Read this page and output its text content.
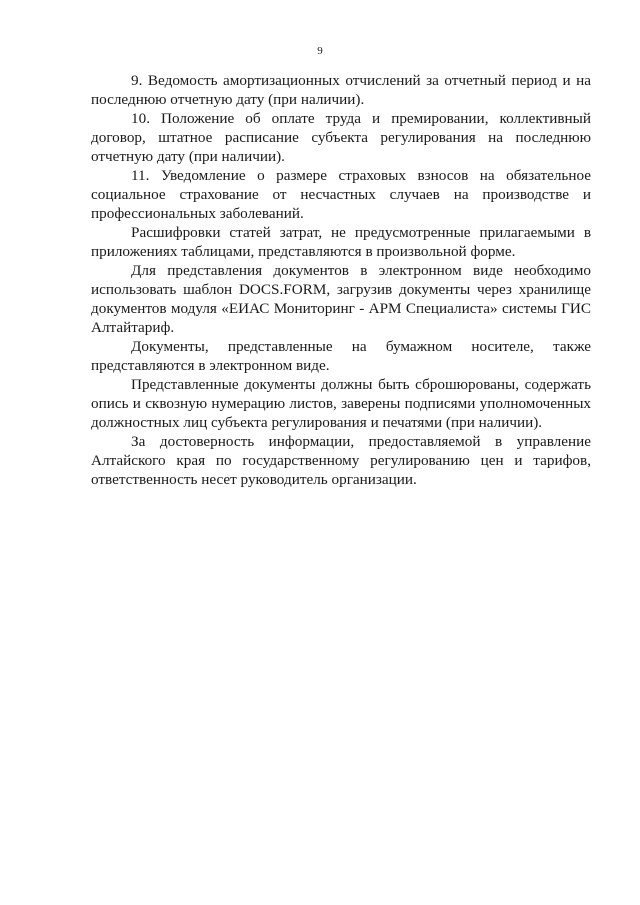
9

9. Ведомость амортизационных отчислений за отчетный период и на последнюю отчетную дату (при наличии).

10. Положение об оплате труда и премировании, коллективный договор, штатное расписание субъекта регулирования на последнюю отчетную дату (при наличии).

11. Уведомление о размере страховых взносов на обязательное социальное страхование от несчастных случаев на производстве и профессиональных заболеваний.

Расшифровки статей затрат, не предусмотренные прилагаемыми в приложениях таблицами, представляются в произвольной форме.

Для представления документов в электронном виде необходимо использовать шаблон DOCS.FORM, загрузив документы через хранилище документов модуля «ЕИАС Мониторинг - АРМ Специалиста» системы ГИС Алтайтариф.

Документы, представленные на бумажном носителе, также представляются в электронном виде.

Представленные документы должны быть сброшюрованы, содержать опись и сквозную нумерацию листов, заверены подписями уполномоченных должностных лиц субъекта регулирования и печатями (при наличии).

За достоверность информации, предоставляемой в управление Алтайского края по государственному регулированию цен и тарифов, ответственность несет руководитель организации.
